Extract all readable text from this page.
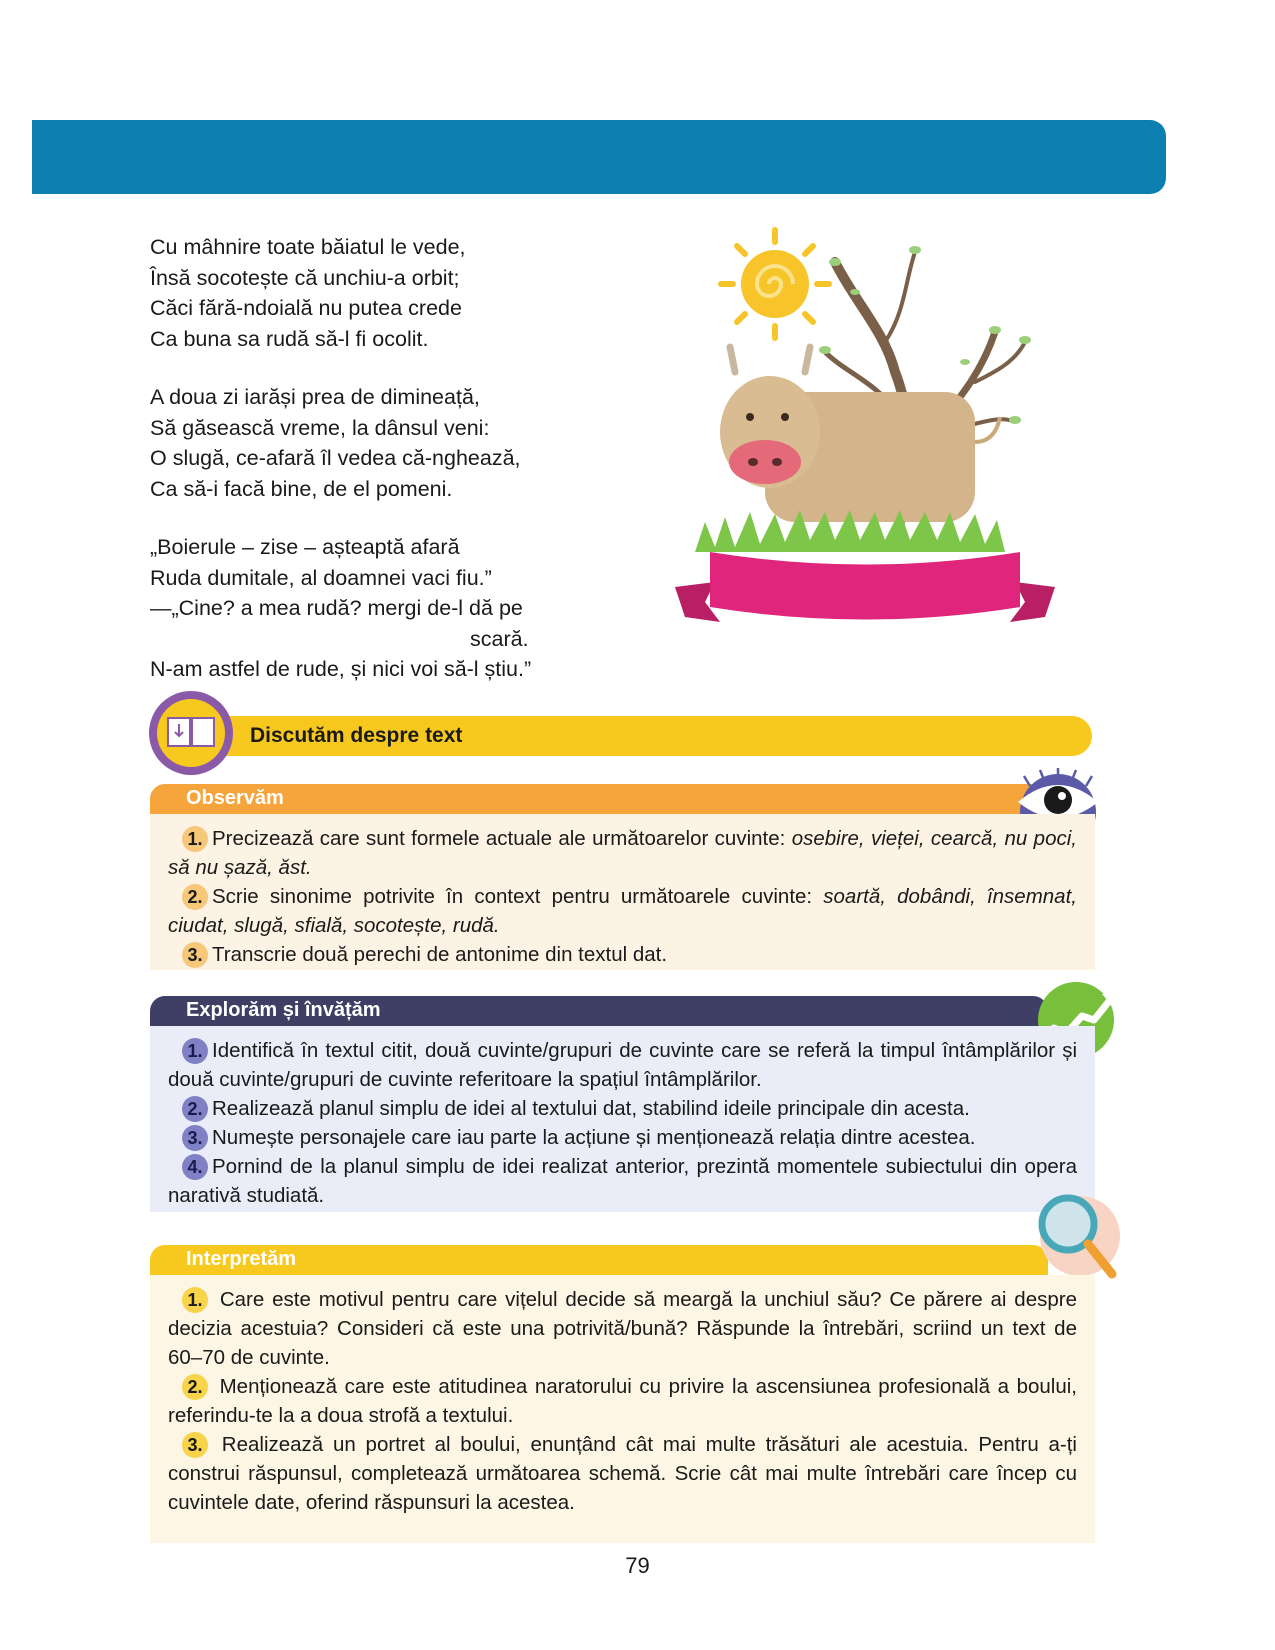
Cu mâhnire toate băiatul le vede,

Însă socotește că unchiu-a orbit;

Căci fără-ndoială nu putea crede

Ca buna sa rudă să-l fi ocolit.

A doua zi iarăși prea de dimineață,

Să găsească vreme, la dânsul veni:

O slugă, ce-afară îl vedea că-nghează,

Ca să-i facă bine, de el pomeni.

„Boierule – zise – așteaptă afară

Ruda dumitale, al doamnei vaci fiu.”

—„Cine? a mea rudă? mergi de-l dă pe

scară.

N-am astfel de rude, și nici voi să-l știu.”

Discutăm despre text
Observăm

1. Precizează care sunt formele actuale ale următoarelor cuvinte: osebire, vieței, cearcă, nu poci, să nu șază, ăst.

2. Scrie sinonime potrivite în context pentru următoarele cuvinte: soartă, dobândi, însemnat, ciudat, slugă, sfială, socotește, rudă.

3. Transcrie două perechi de antonime din textul dat.

Explorăm și învățăm

1. Identifică în textul citit, două cuvinte/grupuri de cuvinte care se referă la timpul întâmplărilor și două cuvinte/grupuri de cuvinte referitoare la spațiul întâmplărilor.

2. Realizează planul simplu de idei al textului dat, stabilind ideile principale din acesta.

3. Numește personajele care iau parte la acțiune și menționează relația dintre acestea.

4. Pornind de la planul simplu de idei realizat anterior, prezintă momentele subiectului din opera narativă studiată.

Interpretăm

1. Care este motivul pentru care vițelul decide să meargă la unchiul său? Ce părere ai despre decizia acestuia? Consideri că este una potrivită/bună? Răspunde la întrebări, scriind un text de 60–70 de cuvinte.

2. Menționează care este atitudinea naratorului cu privire la ascensiunea profesională a boului, referindu-te la a doua strofă a textului.

3. Realizează un portret al boului, enunțând cât mai multe trăsături ale acestuia. Pentru a-ți construi răspunsul, completează următoarea schemă. Scrie cât mai multe întrebări care încep cu cuvintele date, oferind răspunsuri la acestea.

79
